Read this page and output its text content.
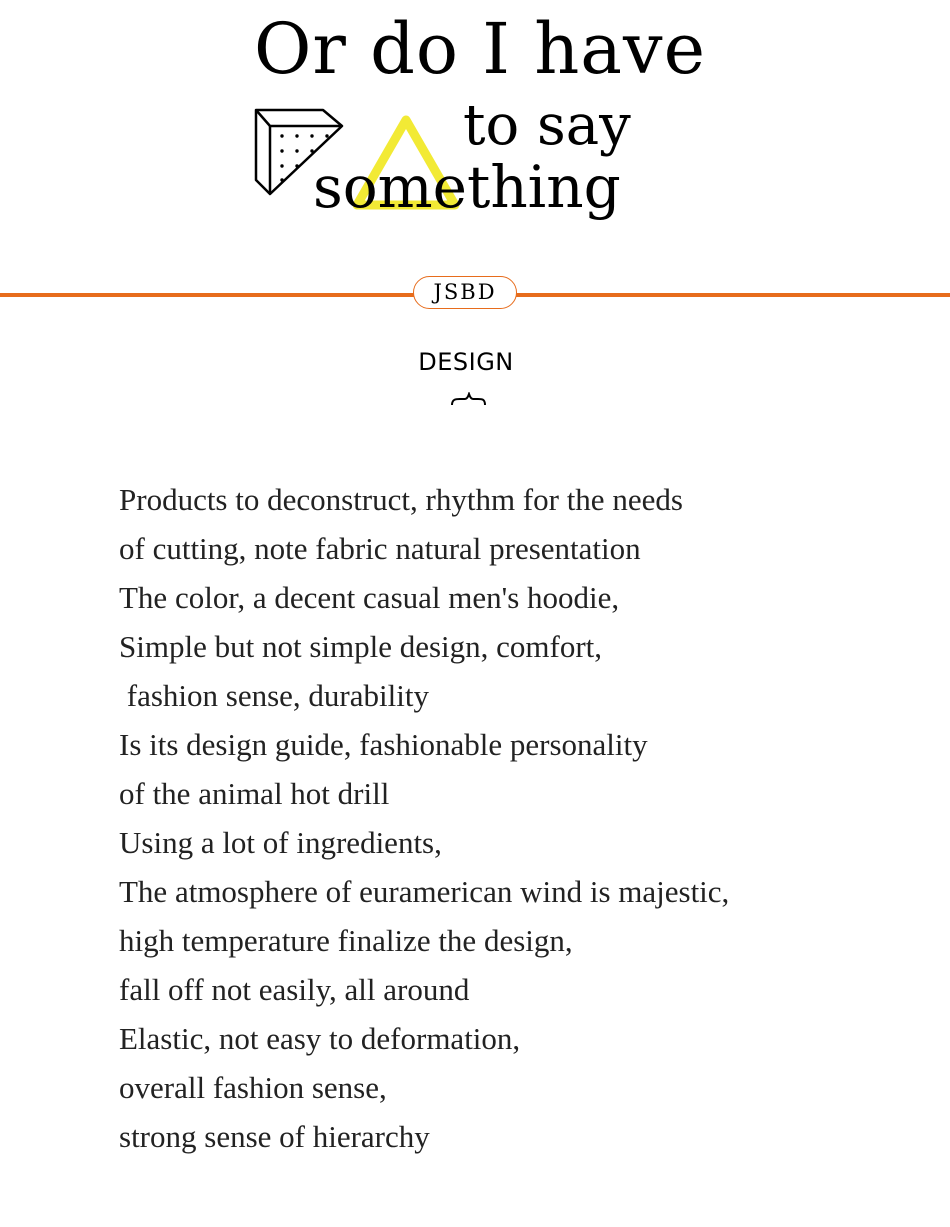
Or do I have
to say
something
JSBD
DESIGN
Products to deconstruct, rhythm for the needs
of cutting, note fabric natural presentation
The color, a decent casual men's hoodie,
Simple but not simple design, comfort,
fashion sense, durability
Is its design guide, fashionable personality
of the animal hot drill
Using a lot of ingredients,
The atmosphere of euramerican wind is majestic,
high temperature finalize the design,
fall off not easily, all around
Elastic, not easy to deformation,
overall fashion sense,
strong sense of hierarchy
